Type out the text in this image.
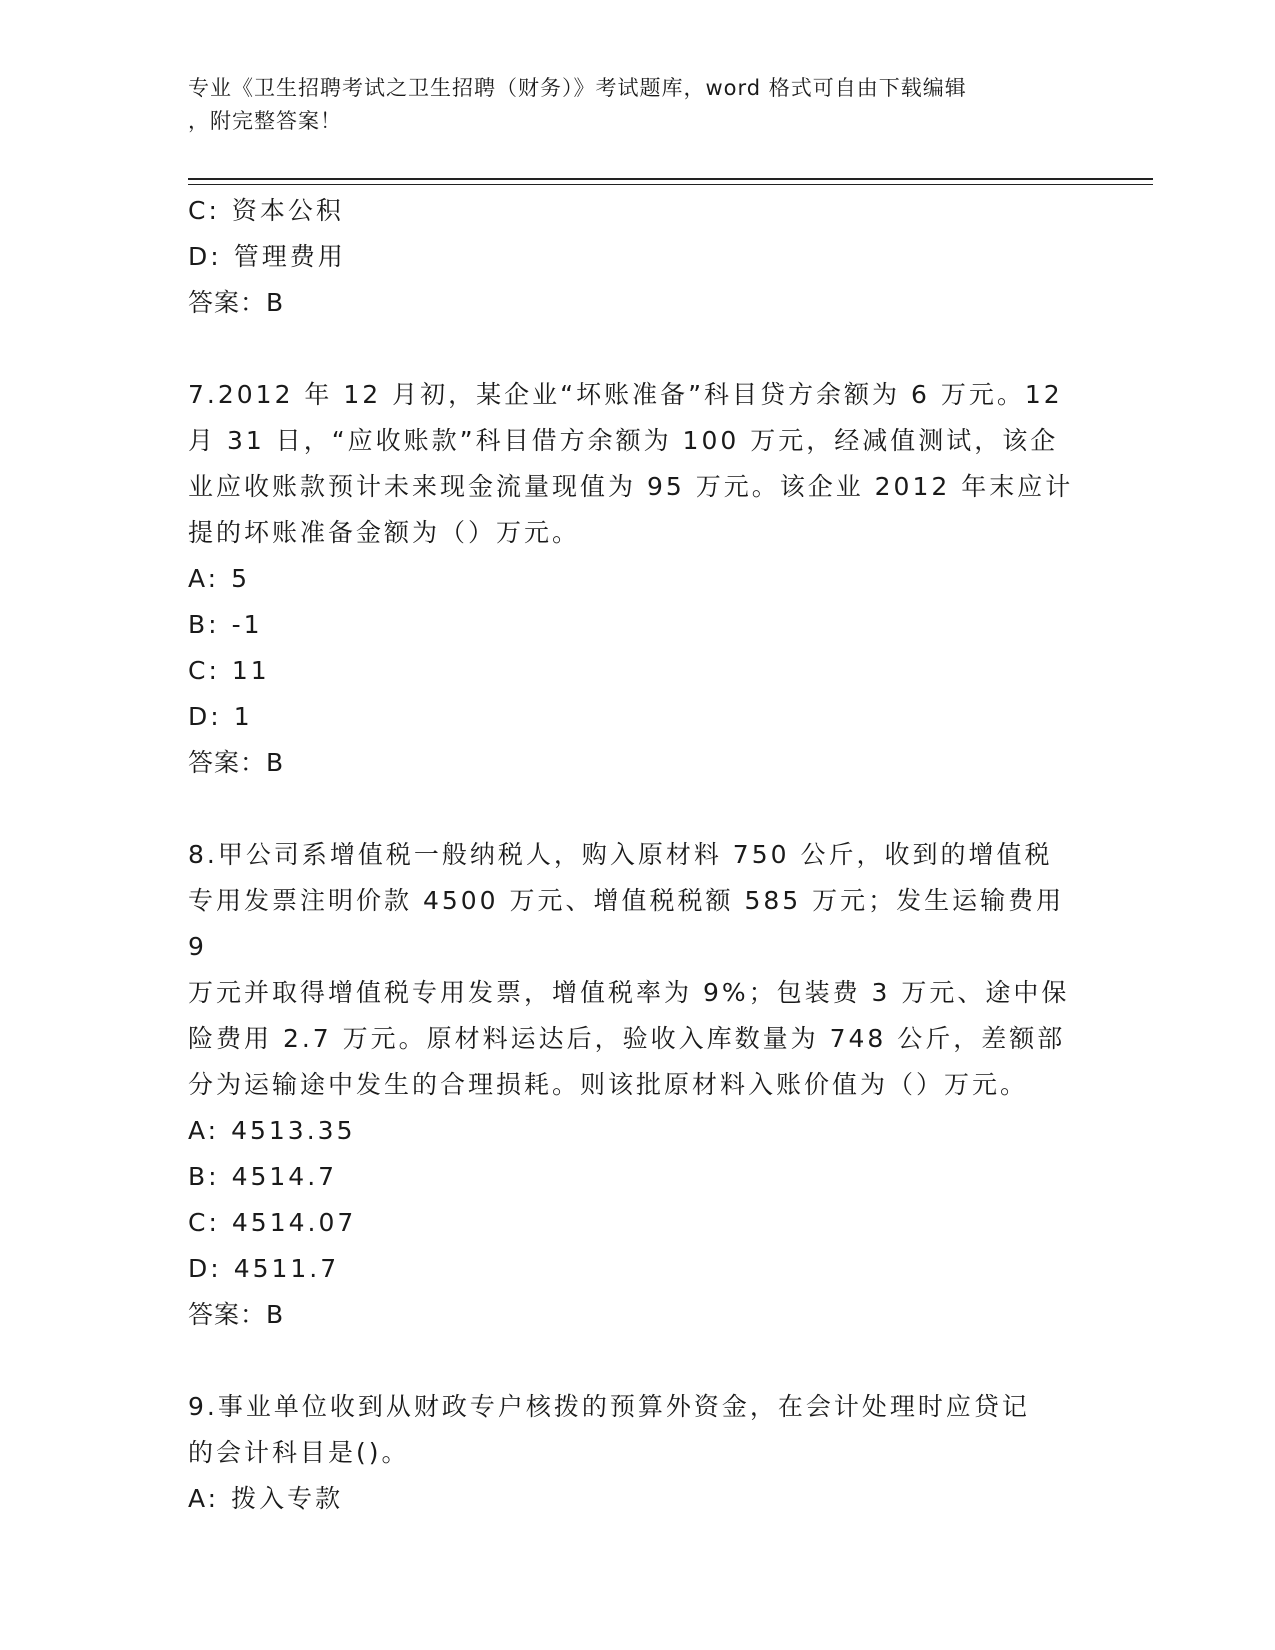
专业《卫生招聘考试之卫生招聘（财务）》考试题库，word 格式可自由下载编辑
，附完整答案！
C: 资本公积
D: 管理费用
答案：B
7.2012 年 12 月初，某企业“坏账准备”科目贷方余额为 6 万元。12
月 31 日，“应收账款”科目借方余额为 100 万元，经减值测试，该企
业应收账款预计未来现金流量现值为 95 万元。该企业 2012 年末应计
提的坏账准备金额为（）万元。
A: 5
B: -1
C: 11
D: 1
答案：B
8.甲公司系增值税一般纳税人，购入原材料 750 公斤，收到的增值税
专用发票注明价款 4500 万元、增值税税额 585 万元；发生运输费用 9
万元并取得增值税专用发票，增值税率为 9%；包装费 3 万元、途中保
险费用 2.7 万元。原材料运达后，验收入库数量为 748 公斤，差额部
分为运输途中发生的合理损耗。则该批原材料入账价值为（）万元。
A: 4513.35
B: 4514.7
C: 4514.07
D: 4511.7
答案：B
9.事业单位收到从财政专户核拨的预算外资金，在会计处理时应贷记
的会计科目是()。
A: 拨入专款
